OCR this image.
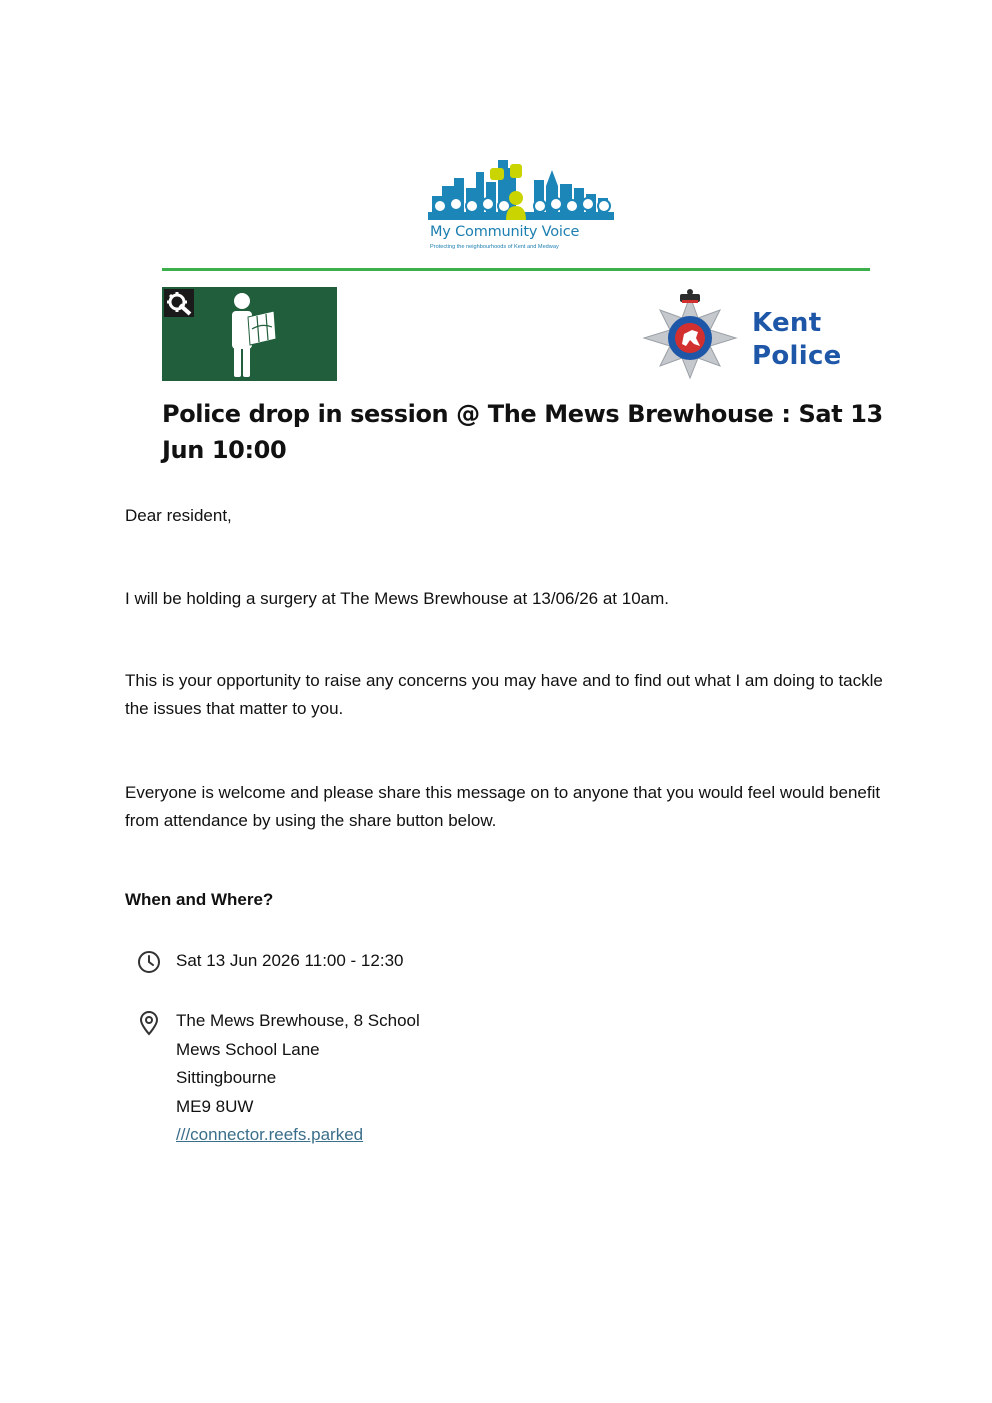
My Community Voice
Protecting the neighbourhoods of Kent and Medway
Kent
Police
Police drop in session @ The Mews Brewhouse : Sat 13 Jun 10:00

Dear resident,

I will be holding a surgery at The Mews Brewhouse at 13/06/26 at 10am.

This is your opportunity to raise any concerns you may have and to find out what I am doing to tackle the issues that matter to you.

Everyone is welcome and please share this message on to anyone that you would feel would benefit from attendance by using the share button below.

When and Where?

Sat 13 Jun 2026 11:00 - 12:30

The Mews Brewhouse, 8 School
Mews School Lane
Sittingbourne
ME9 8UW
///connector.reefs.parked
